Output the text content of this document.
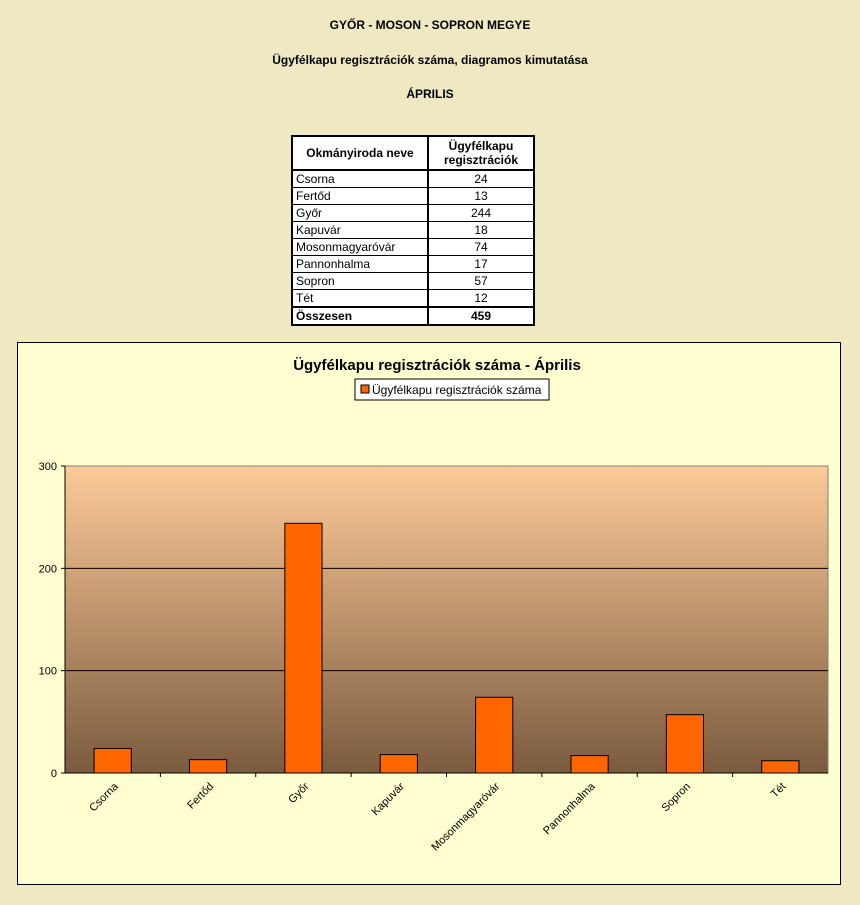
GYŐR - MOSON - SOPRON MEGYE
Ügyfélkapu regisztrációk száma, diagramos kimutatása
ÁPRILIS
Okmányiroda neve	Ügyfélkapu
regisztrációk
Csorna	24
Fertőd	13
Győr	244
Kapuvár	18
Mosonmagyaróvár	74
Pannonhalma	17
Sopron	57
Tét	12
Összesen	459
Ügyfélkapu regisztrációk száma - Április
Ügyfélkapu regisztrációk száma
0
100
200
300
Csorna	Fertőd	Győr	Kapuvár Mosonmagyaróvár	Pannonhalma	Sopron	Tét
